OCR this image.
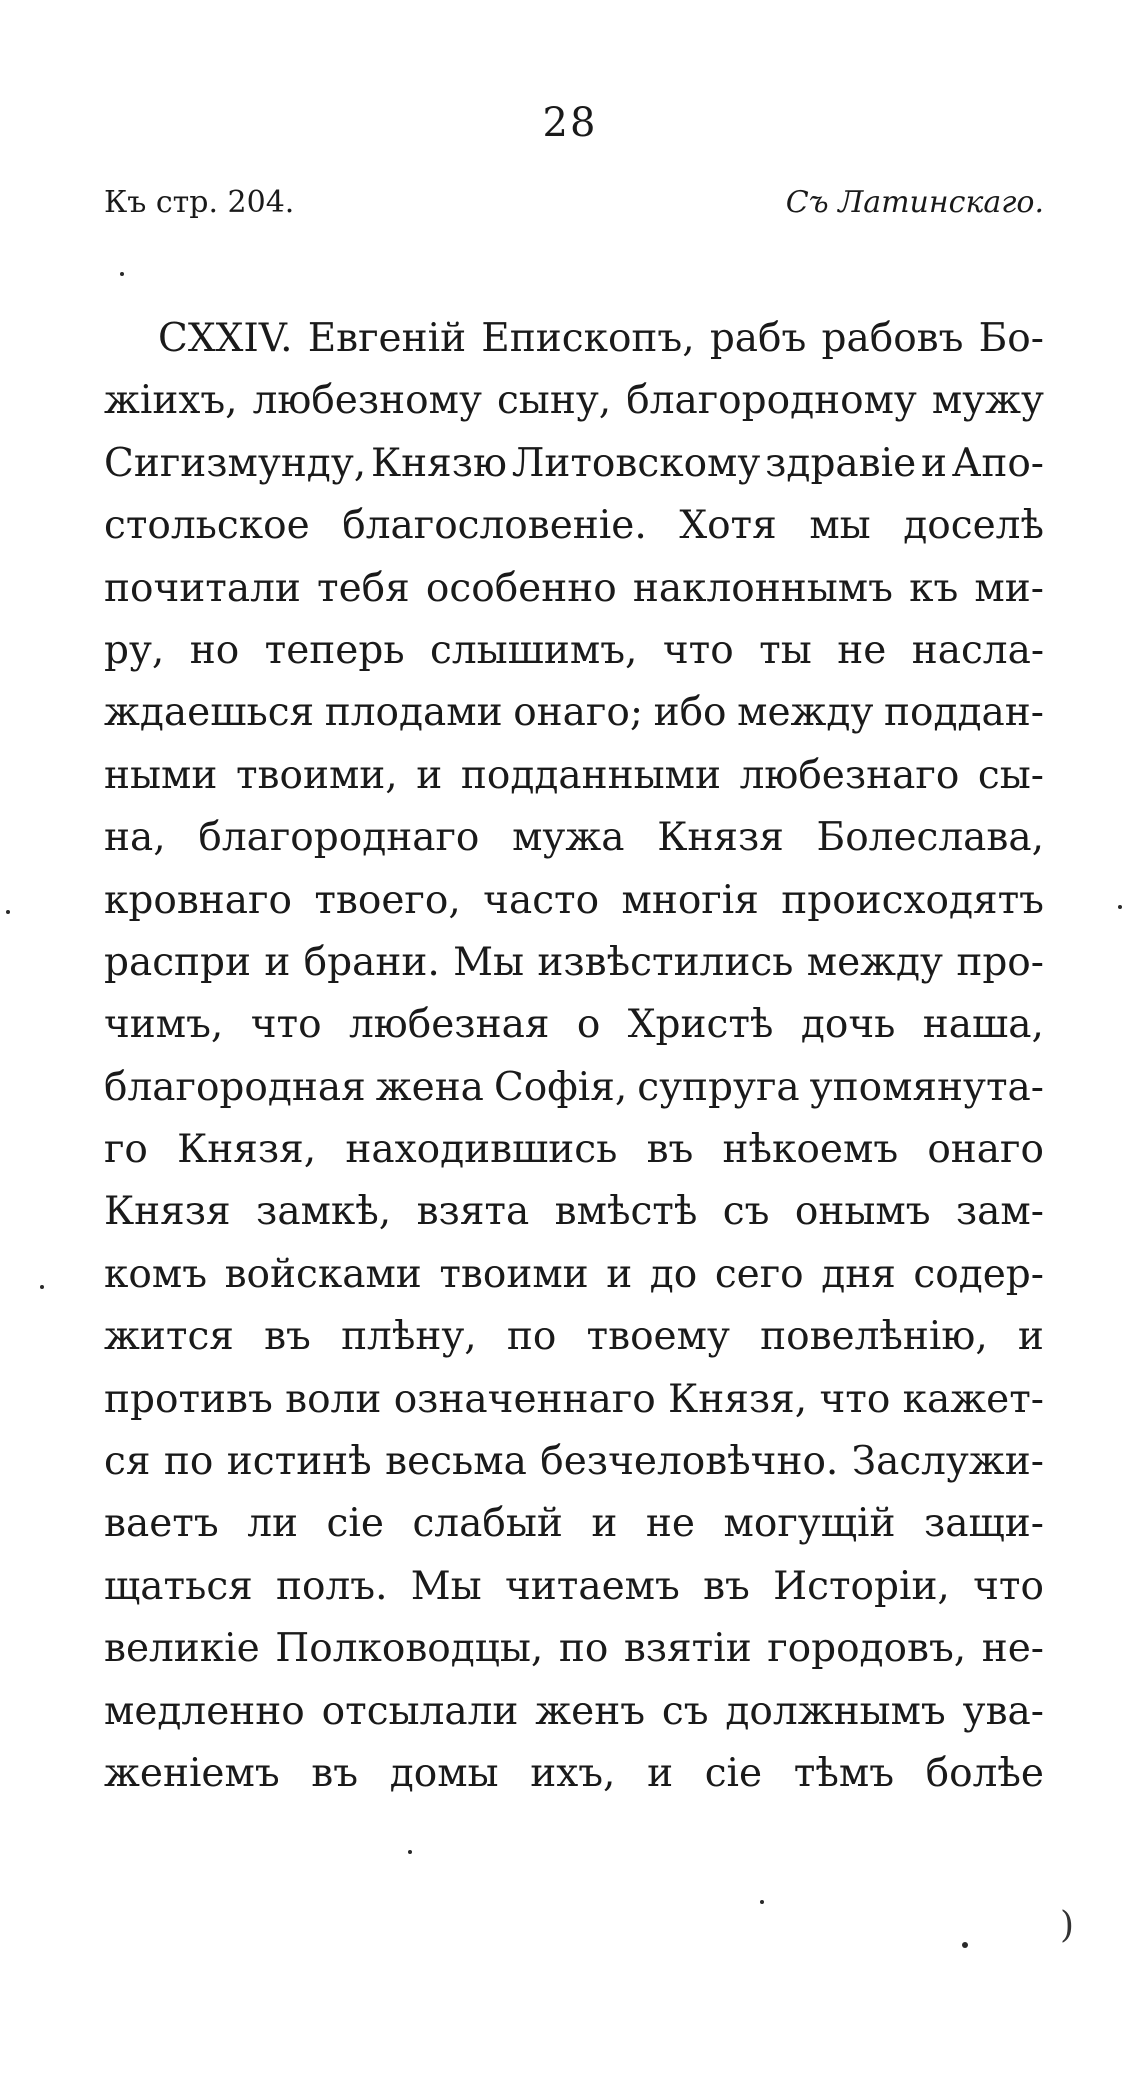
28
Къ стр. 204.	Съ Латинскаго.
CXXIV. Евгеній Епископъ, рабъ рабовъ Бо-
жіихъ, любезному сыну, благородному мужу
Сигизмунду, Князю Литовскому здравіе и Апо-
стольское благословеніе. Хотя мы доселѣ
почитали тебя особенно наклоннымъ къ ми-
ру, но теперь слышимъ, что ты не насла-
ждаешься плодами онаго; ибо между поддан-
ными твоими, и подданными любезнаго сы-
на, благороднаго мужа Князя Болеслава,
кровнаго твоего, часто многія происходятъ
распри и брани. Мы извѣстились между про-
чимъ, что любезная о Христѣ дочь наша,
благородная жена Софія, супруга упомянута-
го Князя, находившись въ нѣкоемъ онаго
Князя замкѣ, взята вмѣстѣ съ онымъ зам-
комъ войсками твоими и до сего дня содер-
жится въ плѣну, по твоему повелѣнію, и
противъ воли означеннаго Князя, что кажет-
ся по истинѣ весьма безчеловѣчно. Заслужи-
ваетъ ли сіе слабый и не могущій защи-
щаться полъ. Мы читаемъ въ Исторіи, что
великіе Полководцы, по взятіи городовъ, не-
медленно отсылали женъ съ должнымъ ува-
женіемъ въ домы ихъ, и сіе тѣмъ болѣе
)
